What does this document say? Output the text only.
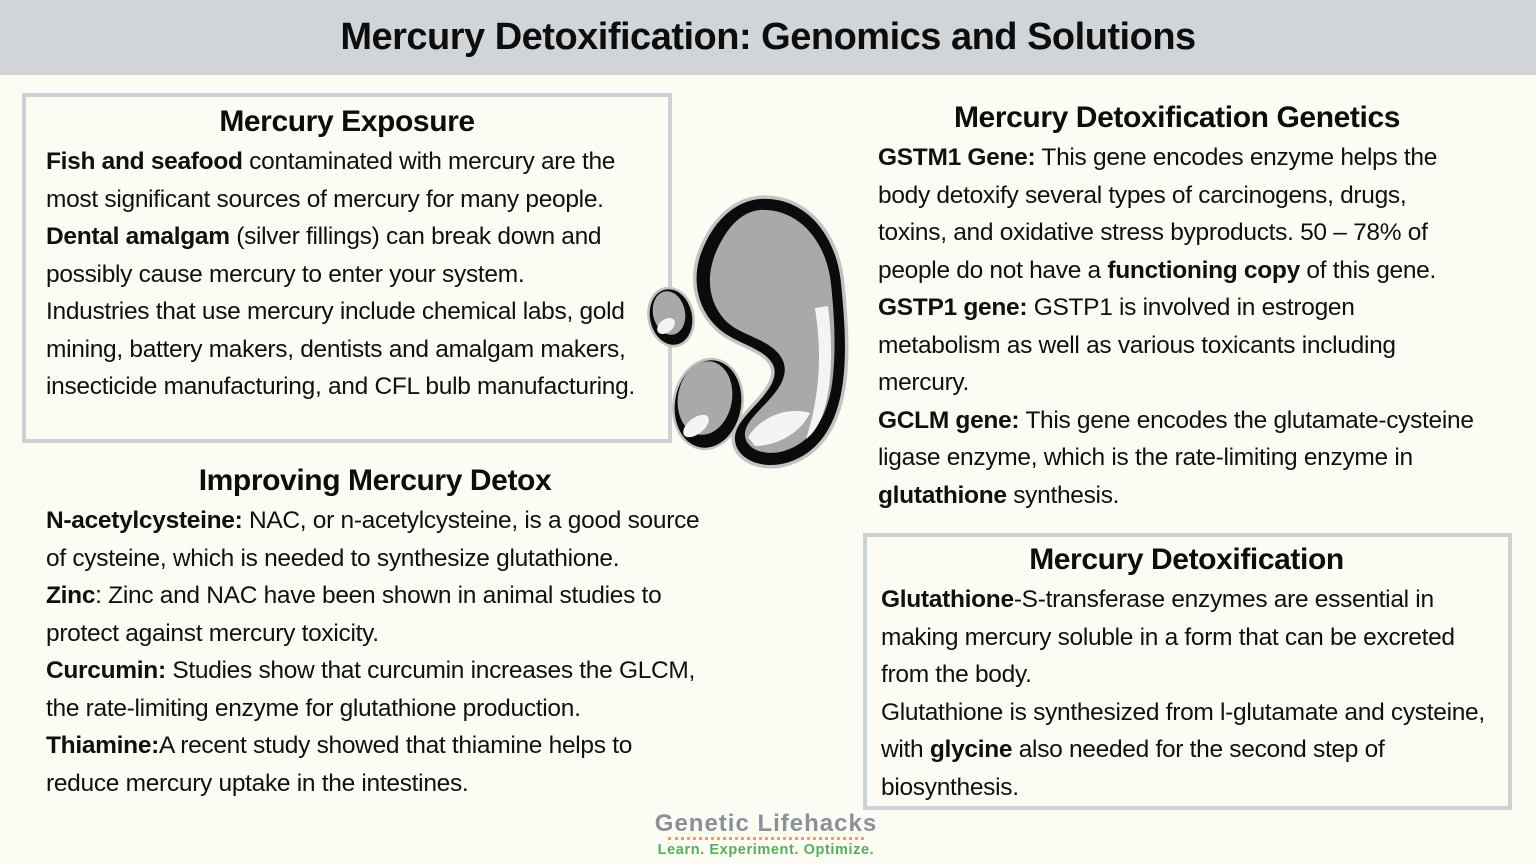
Mercury Detoxification: Genomics and Solutions
Mercury Exposure

Fish and seafood contaminated with mercury are the most significant sources of mercury for many people.

Dental amalgam (silver fillings) can break down and possibly cause mercury to enter your system.

Industries that use mercury include chemical labs, gold mining, battery makers, dentists and amalgam makers, insecticide manufacturing, and CFL bulb manufacturing.

Mercury Detoxification Genetics

GSTM1 Gene: This gene encodes enzyme helps the body detoxify several types of carcinogens, drugs, toxins, and oxidative stress byproducts. 50 – 78% of people do not have a functioning copy of this gene.

GSTP1 gene: GSTP1 is involved in estrogen metabolism as well as various toxicants including mercury.

GCLM gene: This gene encodes the glutamate-cysteine ligase enzyme, which is the rate-limiting enzyme in glutathione synthesis.

Improving Mercury Detox

N-acetylcysteine: NAC, or n-acetylcysteine, is a good source of cysteine, which is needed to synthesize glutathione.

Zinc: Zinc and NAC have been shown in animal studies to protect against mercury toxicity.

Curcumin: Studies show that curcumin increases the GLCM, the rate-limiting enzyme for glutathione production.

Thiamine:A recent study showed that thiamine helps to reduce mercury uptake in the intestines.

Mercury Detoxification

Glutathione-S-transferase enzymes are essential in making mercury soluble in a form that can be excreted from the body.

Glutathione is synthesized from l-glutamate and cysteine, with glycine also needed for the second step of biosynthesis.

Genetic Lifehacks
Learn. Experiment. Optimize.
